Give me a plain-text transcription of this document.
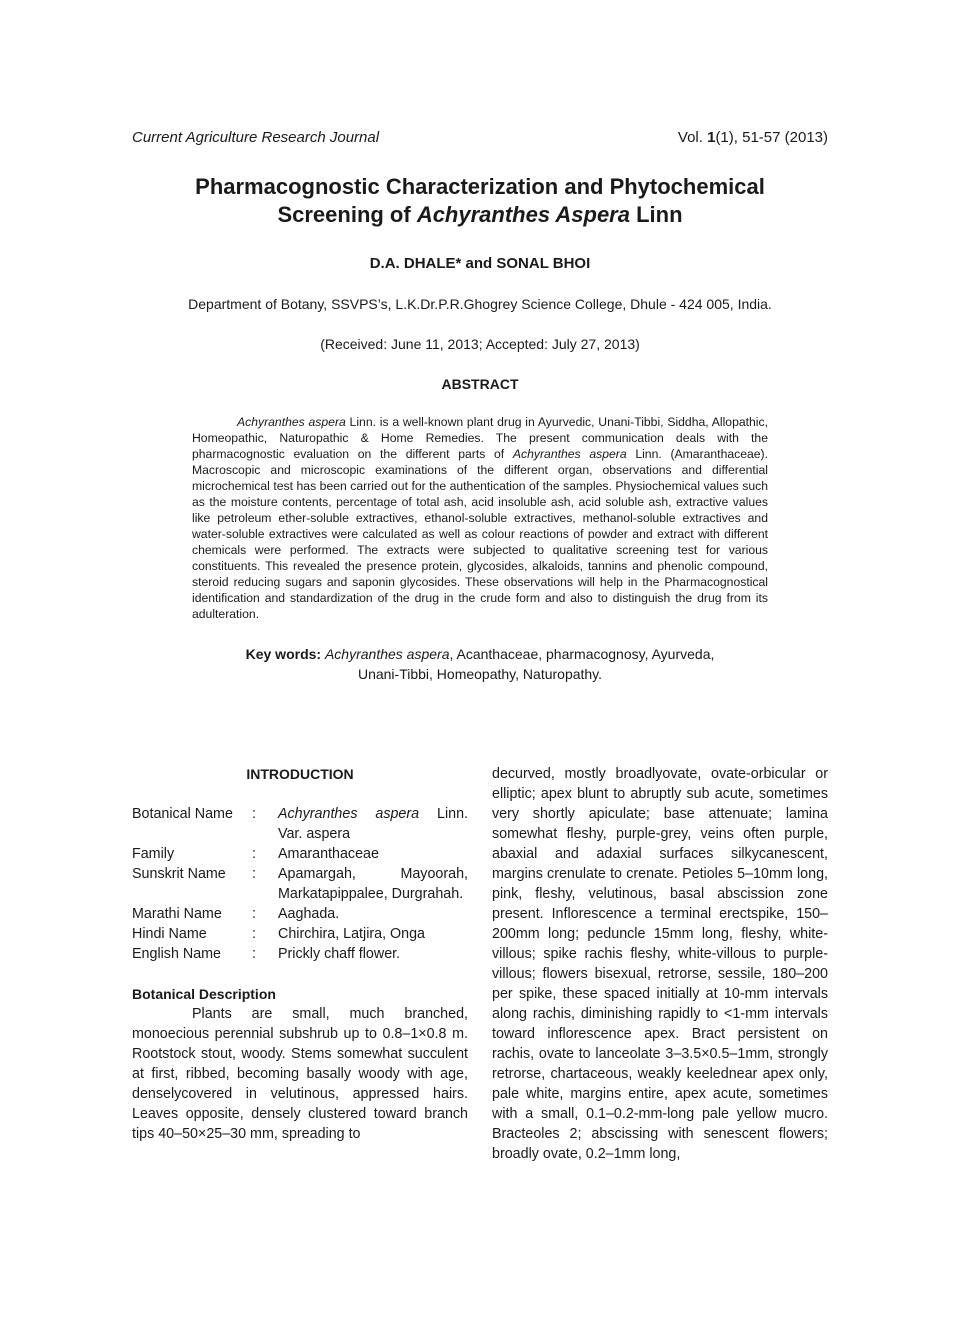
Current Agriculture Research Journal	Vol. 1(1), 51-57 (2013)
Pharmacognostic Characterization and Phytochemical
Screening of Achyranthes Aspera Linn
D.A. DHALE* and SONAL BHOI
Department of Botany, SSVPS’s, L.K.Dr.P.R.Ghogrey Science College, Dhule - 424 005, India.
(Received: June 11, 2013; Accepted: July 27, 2013)
ABSTRACT

Achyranthes aspera Linn. is a well-known plant drug in Ayurvedic, Unani-Tibbi, Siddha, Allopathic, Homeopathic, Naturopathic & Home Remedies. The present communication deals with the pharmacognostic evaluation on the different parts of Achyranthes aspera Linn. (Amaranthaceae). Macroscopic and microscopic examinations of the different organ, observations and differential microchemical test has been carried out for the authentication of the samples. Physiochemical values such as the moisture contents, percentage of total ash, acid insoluble ash, acid soluble ash, extractive values like petroleum ether-soluble extractives, ethanol-soluble extractives, methanol-soluble extractives and water-soluble extractives were calculated as well as colour reactions of powder and extract with different chemicals were performed. The extracts were subjected to qualitative screening test for various constituents. This revealed the presence protein, glycosides, alkaloids, tannins and phenolic compound, steroid reducing sugars and saponin glycosides. These observations will help in the Pharmacognostical identification and standardization of the drug in the crude form and also to distinguish the drug from its adulteration.

Key words: Achyranthes aspera, Acanthaceae, pharmacognosy, Ayurveda, Unani-Tibbi, Homeopathy, Naturopathy.
INTRODUCTION
Botanical Name	:	Achyranthes aspera Linn. Var. aspera
Family	:	Amaranthaceae
Sunskrit Name	:	Apamargah, Mayoorah, Markatapippalee, Durgrahah.
Marathi Name	:	Aaghada.
Hindi Name	:	Chirchira, Latjira, Onga
English Name	:	Prickly chaff flower.
Botanical Description

Plants are small, much branched, monoecious perennial subshrub up to 0.8–1×0.8 m. Rootstock stout, woody. Stems somewhat succulent at first, ribbed, becoming basally woody with age, denselycovered in velutinous, appressed hairs. Leaves opposite, densely clustered toward branch tips 40–50×25–30 mm, spreading to

decurved, mostly broadlyovate, ovate-orbicular or elliptic; apex blunt to abruptly sub acute, sometimes very shortly apiculate; base attenuate; lamina somewhat fleshy, purple-grey, veins often purple, abaxial and adaxial surfaces silkycanescent, margins crenulate to crenate. Petioles 5–10mm long, pink, fleshy, velutinous, basal abscission zone present. Inflorescence a terminal erectspike, 150–200mm long; peduncle 15mm long, fleshy, white-villous; spike rachis fleshy, white-villous to purple-villous; flowers bisexual, retrorse, sessile, 180–200 per spike, these spaced initially at 10-mm intervals along rachis, diminishing rapidly to <1-mm intervals toward inflorescence apex. Bract persistent on rachis, ovate to lanceolate 3–3.5×0.5–1mm, strongly retrorse, chartaceous, weakly keelednear apex only, pale white, margins entire, apex acute, sometimes with a small, 0.1–0.2-mm-long pale yellow mucro. Bracteoles 2; abscissing with senescent flowers; broadly ovate, 0.2–1mm long,
